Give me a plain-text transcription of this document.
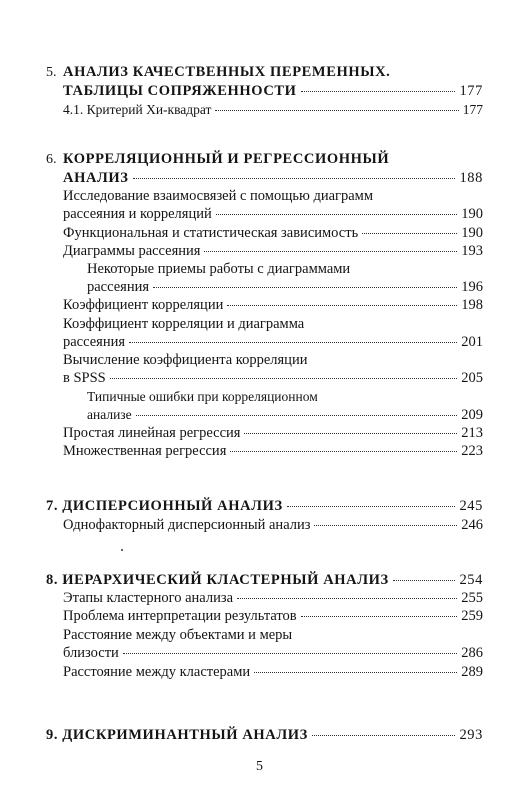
5. АНАЛИЗ КАЧЕСТВЕННЫХ ПЕРЕМЕННЫХ.
ТАБЛИЦЫ СОПРЯЖЕННОСТИ	177
4.1. Критерий Хи-квадрат	177
6. КОРРЕЛЯЦИОННЫЙ И РЕГРЕССИОННЫЙ
АНАЛИЗ	188
Исследование взаимосвязей с помощью диаграмм
рассеяния и корреляций	190
Функциональная и статистическая зависимость	190
Диаграммы рассеяния	193
Некоторые приемы работы с диаграммами
рассеяния	196
Коэффициент корреляции	198
Коэффициент корреляции и диаграмма
рассеяния	201
Вычисление коэффициента корреляции
в SPSS	205
Типичные ошибки при корреляционном
анализе	209
Простая линейная регрессия	213
Множественная регрессия	223
7. ДИСПЕРСИОННЫЙ АНАЛИЗ	245
Однофакторный дисперсионный анализ	246
8. ИЕРАРХИЧЕСКИЙ КЛАСТЕРНЫЙ АНАЛИЗ	254
Этапы кластерного анализа	255
Проблема интерпретации результатов	259
Расстояние между объектами и меры
близости	286
Расстояние между кластерами	289
9. ДИСКРИМИНАНТНЫЙ АНАЛИЗ	293
5
